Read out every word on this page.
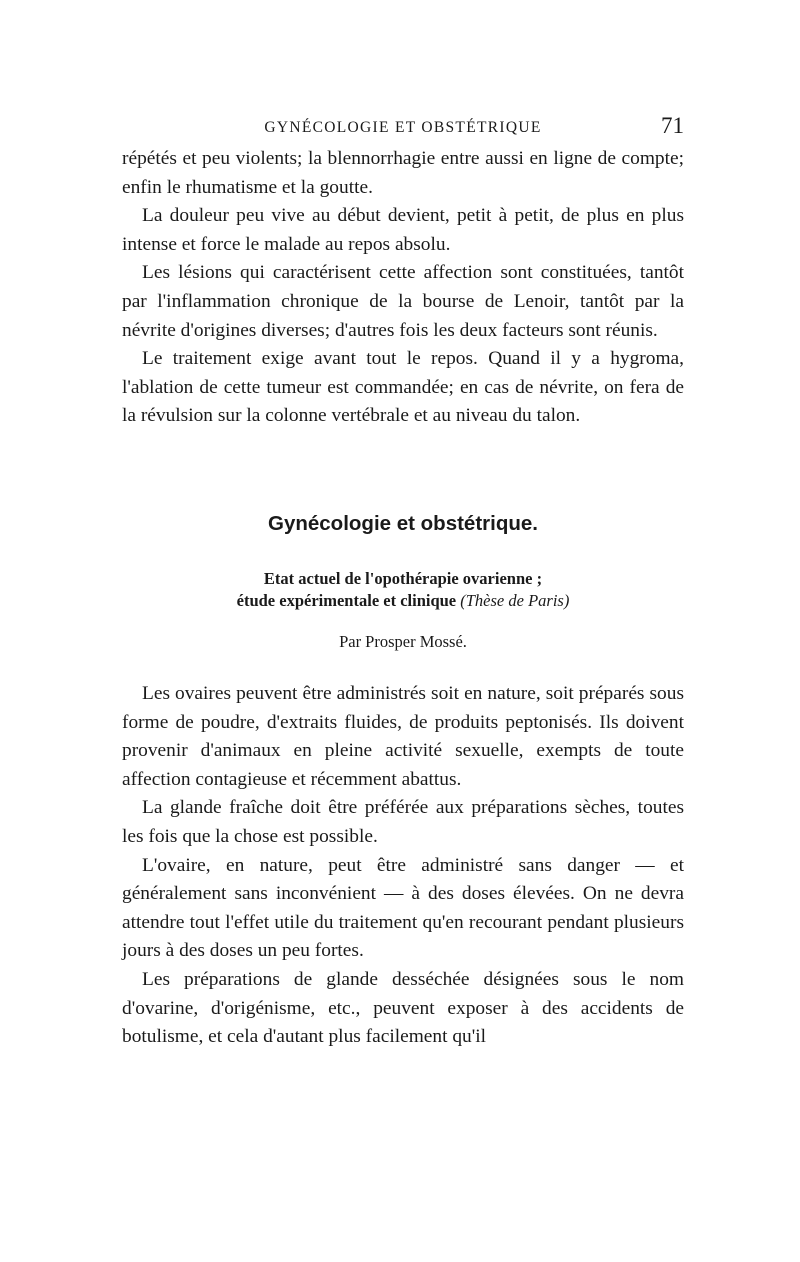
GYNÉCOLOGIE ET OBSTÉTRIQUE	71

répétés et peu violents; la blennorrhagie entre aussi en ligne de compte; enfin le rhumatisme et la goutte.

La douleur peu vive au début devient, petit à petit, de plus en plus intense et force le malade au repos absolu.

Les lésions qui caractérisent cette affection sont constituées, tantôt par l'inflammation chronique de la bourse de Lenoir, tantôt par la névrite d'origines diverses; d'autres fois les deux facteurs sont réunis.

Le traitement exige avant tout le repos. Quand il y a hygroma, l'ablation de cette tumeur est commandée; en cas de névrite, on fera de la révulsion sur la colonne vertébrale et au niveau du talon.

Gynécologie et obstétrique.
Etat actuel de l'opothérapie ovarienne ;
étude expérimentale et clinique (Thèse de Paris)
Par Prosper Mossé.

Les ovaires peuvent être administrés soit en nature, soit préparés sous forme de poudre, d'extraits fluides, de produits peptonisés. Ils doivent provenir d'animaux en pleine activité sexuelle, exempts de toute affection contagieuse et récemment abattus.

La glande fraîche doit être préférée aux préparations sèches, toutes les fois que la chose est possible.

L'ovaire, en nature, peut être administré sans danger — et généralement sans inconvénient — à des doses élevées. On ne devra attendre tout l'effet utile du traitement qu'en recourant pendant plusieurs jours à des doses un peu fortes.

Les préparations de glande desséchée désignées sous le nom d'ovarine, d'origénisme, etc., peuvent exposer à des accidents de botulisme, et cela d'autant plus facilement qu'il
